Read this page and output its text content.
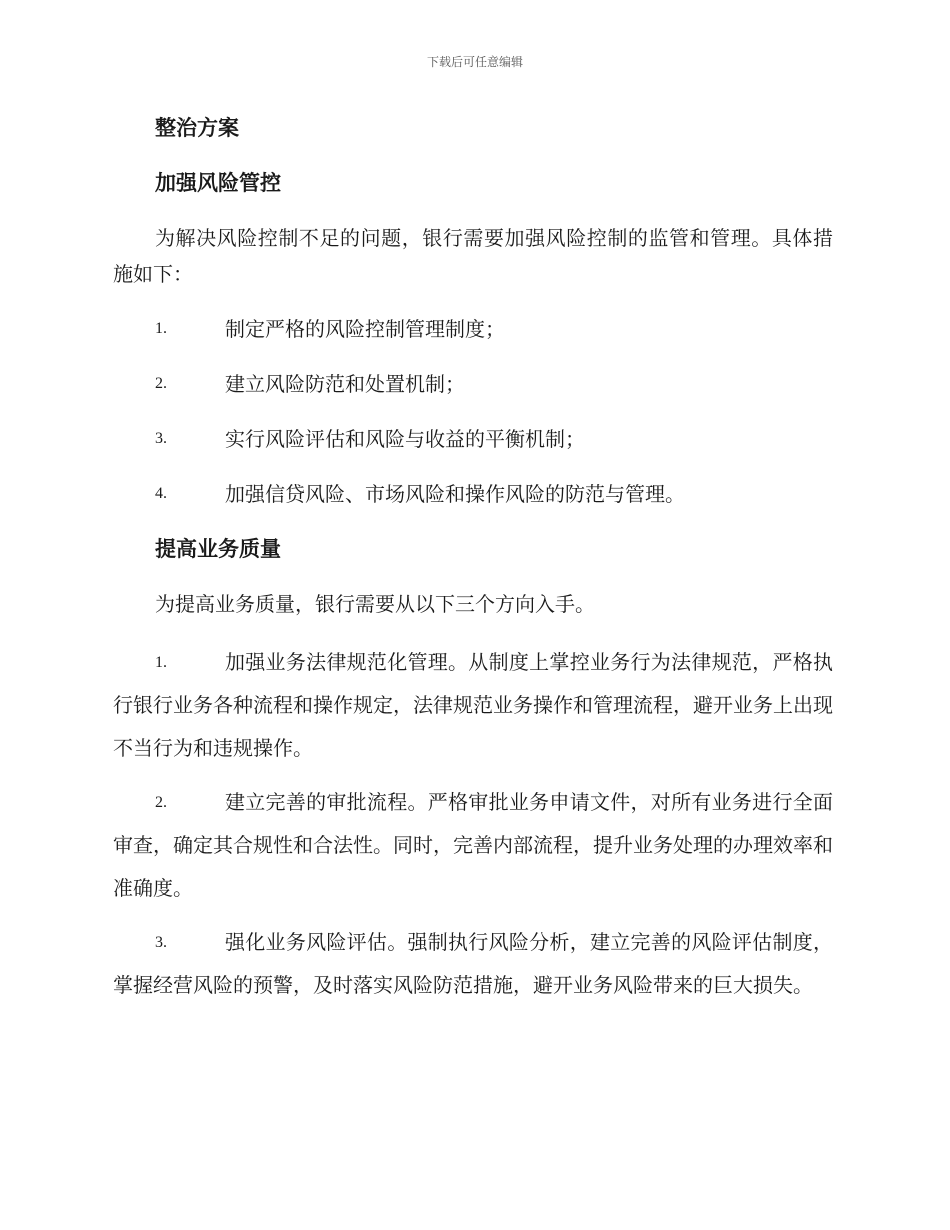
下载后可任意编辑
整治方案
加强风险管控
为解决风险控制不足的问题，银行需要加强风险控制的监管和管理。具体措施如下：
1.	制定严格的风险控制管理制度；
2.	建立风险防范和处置机制；
3.	实行风险评估和风险与收益的平衡机制；
4.	加强信贷风险、市场风险和操作风险的防范与管理。
提高业务质量
为提高业务质量，银行需要从以下三个方向入手。
1.	加强业务法律规范化管理。从制度上掌控业务行为法律规范，严格执行银行业务各种流程和操作规定，法律规范业务操作和管理流程，避开业务上出现不当行为和违规操作。
2.	建立完善的审批流程。严格审批业务申请文件，对所有业务进行全面审查，确定其合规性和合法性。同时，完善内部流程，提升业务处理的办理效率和准确度。
3.	强化业务风险评估。强制执行风险分析，建立完善的风险评估制度，掌握经营风险的预警，及时落实风险防范措施，避开业务风险带来的巨大损失。
